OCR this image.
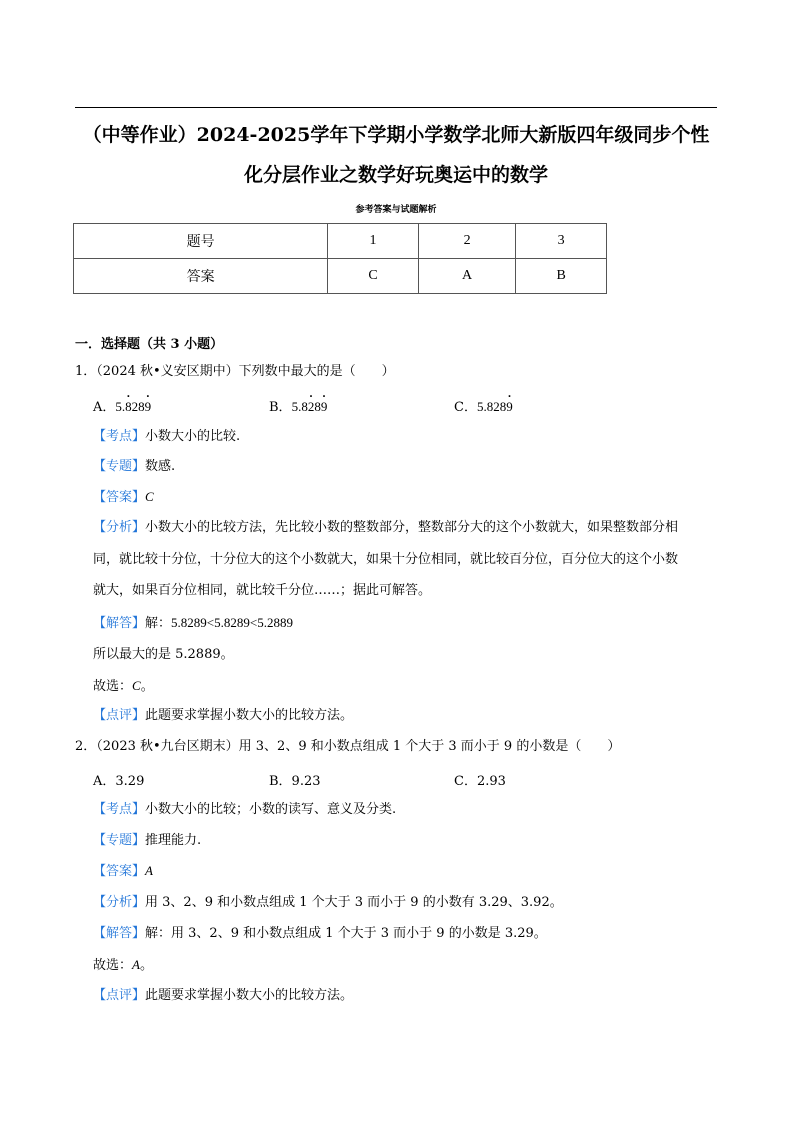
（中等作业）2024-2025学年下学期小学数学北师大新版四年级同步个性
化分层作业之数学好玩奥运中的数学
参考答案与试题解析
题号	1	2	3
答案	C	A	B
一．选择题（共 3 小题）
1．（2024 秋•义安区期中）下列数中最大的是（　　）
A．5.8 ·289 ·	B．5.82 ·89 ·	C．5.8289 ·
【考点】小数大小的比较.
【专题】数感.
【答案】C
【分析】小数大小的比较方法，先比较小数的整数部分，整数部分大的这个小数就大，如果整数部分相
同，就比较十分位，十分位大的这个小数就大，如果十分位相同，就比较百分位，百分位大的这个小数
就大，如果百分位相同，就比较千分位……；据此可解答。
【解答】解：5.8289<5.8289<5.2889
所以最大的是 5.2889。
故选：C。
【点评】此题要求掌握小数大小的比较方法。
2．（2023 秋•九台区期末）用 3、2、9 和小数点组成 1 个大于 3 而小于 9 的小数是（　　）
A．3.29	B．9.23	C．2.93
【考点】小数大小的比较；小数的读写、意义及分类.
【专题】推理能力.
【答案】A
【分析】用 3、2、9 和小数点组成 1 个大于 3 而小于 9 的小数有 3.29、3.92。
【解答】解：用 3、2、9 和小数点组成 1 个大于 3 而小于 9 的小数是 3.29。
故选：A。
【点评】此题要求掌握小数大小的比较方法。
